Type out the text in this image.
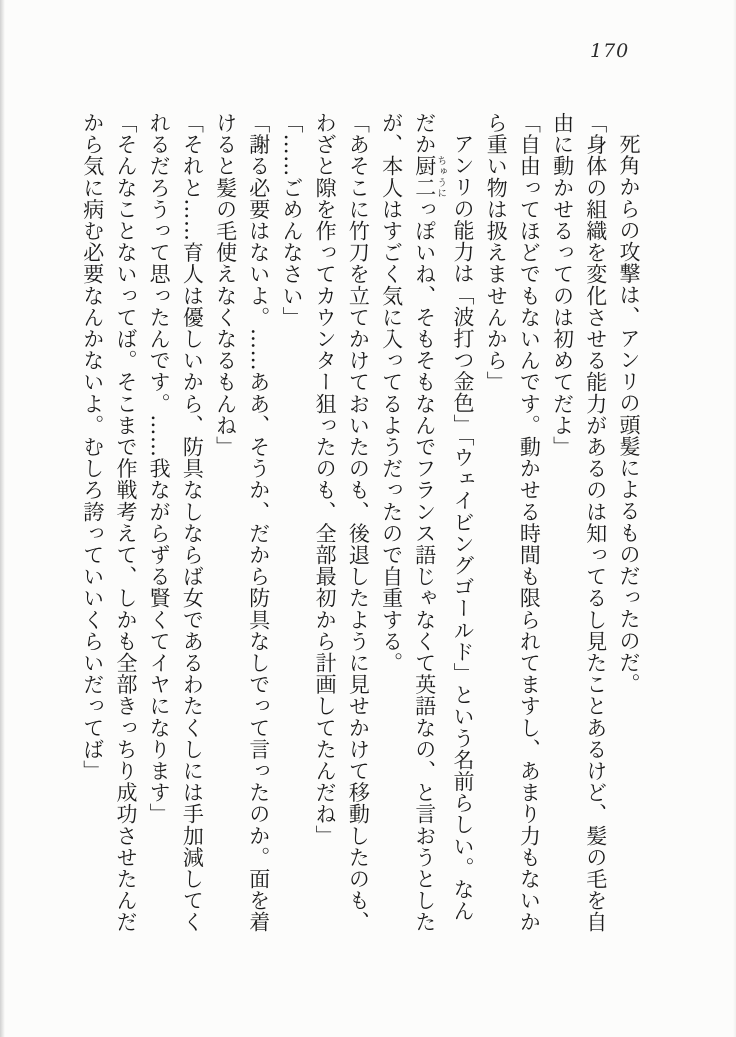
170
死角からの攻撃は、アンリの頭髪によるものだったのだ。
「身体の組織を変化させる能力があるのは知ってるし見たことあるけど、髪の毛を自
由に動かせるってのは初めてだよ」
「自由ってほどでもないんです。動かせる時間も限られてますし、あまり力もないか
ら重い物は扱えませんから」
アンリの能力は「波打つ金色」「ウェイビングゴールド」という名前らしい。なん
だか厨二ちゅうにっぽいね、そもそもなんでフランス語じゃなくて英語なの、と言おうとした
が、本人はすごく気に入ってるようだったので自重する。
「あそこに竹刀を立てかけておいたのも、後退したように見せかけて移動したのも、
わざと隙を作ってカウンター狙ったのも、全部最初から計画してたんだね」
「……ごめんなさい」
「謝る必要はないよ。……ああ、そうか、だから防具なしでって言ったのか。面を着
けると髪の毛使えなくなるもんね」
「それと……育人は優しいから、防具なしならば女であるわたくしには手加減してく
れるだろうって思ったんです。……我ながらずる賢くてイヤになります」
「そんなことないってば。そこまで作戦考えて、しかも全部きっちり成功させたんだ
から気に病む必要なんかないよ。むしろ誇っていいくらいだってば」
